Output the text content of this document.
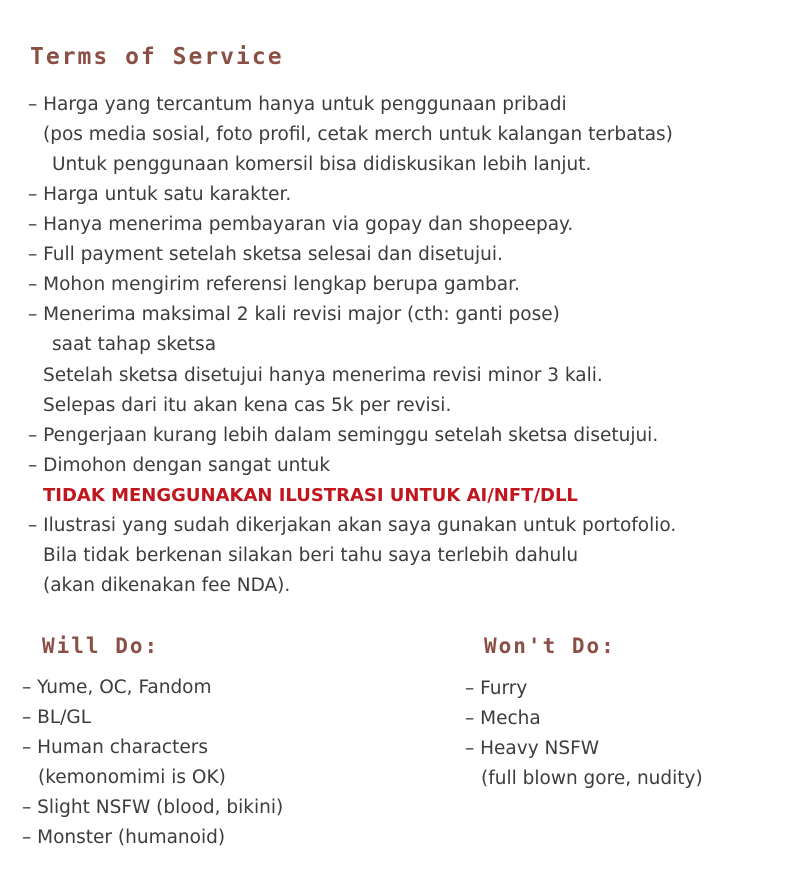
Terms of Service
– Harga yang tercantum hanya untuk penggunaan pribadi
(pos media sosial, foto profil, cetak merch untuk kalangan terbatas)
Untuk penggunaan komersil bisa didiskusikan lebih lanjut.
– Harga untuk satu karakter.
– Hanya menerima pembayaran via gopay dan shopeepay.
– Full payment setelah sketsa selesai dan disetujui.
– Mohon mengirim referensi lengkap berupa gambar.
– Menerima maksimal 2 kali revisi major (cth: ganti pose)
saat tahap sketsa
Setelah sketsa disetujui hanya menerima revisi minor 3 kali.
Selepas dari itu akan kena cas 5k per revisi.
– Pengerjaan kurang lebih dalam seminggu setelah sketsa disetujui.
– Dimohon dengan sangat untuk
TIDAK MENGGUNAKAN ILUSTRASI UNTUK AI/NFT/DLL
– Ilustrasi yang sudah dikerjakan akan saya gunakan untuk portofolio.
Bila tidak berkenan silakan beri tahu saya terlebih dahulu
(akan dikenakan fee NDA).
Will Do:
– Yume, OC, Fandom
– BL/GL
– Human characters
(kemonomimi is OK)
– Slight NSFW (blood, bikini)
– Monster (humanoid)
Won't Do:
– Furry
– Mecha
– Heavy NSFW
(full blown gore, nudity)
